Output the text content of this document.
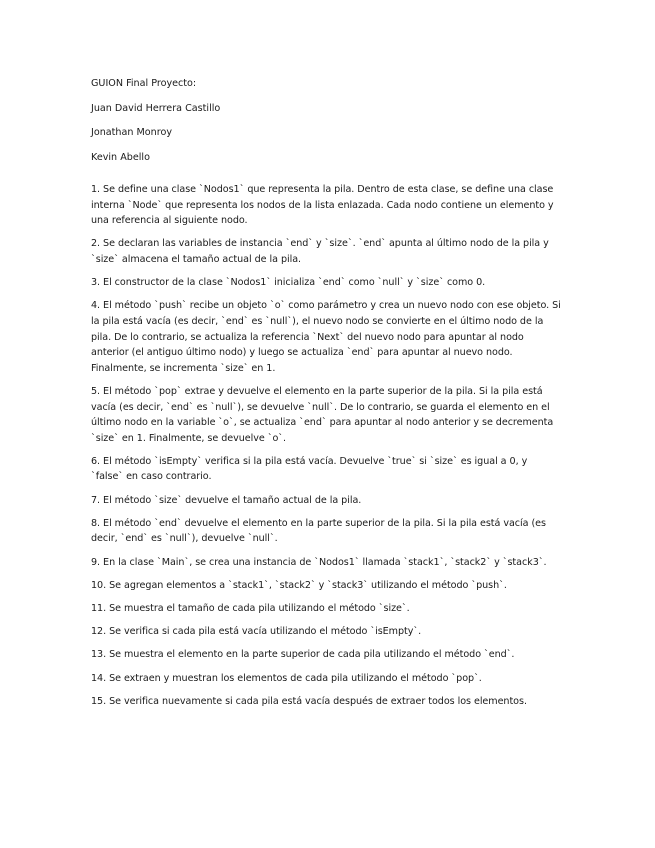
GUION Final Proyecto:

Juan David Herrera Castillo

Jonathan Monroy

Kevin Abello

1. Se define una clase `Nodos1` que representa la pila. Dentro de esta clase, se define una clase interna `Node` que representa los nodos de la lista enlazada. Cada nodo contiene un elemento y una referencia al siguiente nodo.

2. Se declaran las variables de instancia `end` y `size`. `end` apunta al último nodo de la pila y `size` almacena el tamaño actual de la pila.

3. El constructor de la clase `Nodos1` inicializa `end` como `null` y `size` como 0.

4. El método `push` recibe un objeto `o` como parámetro y crea un nuevo nodo con ese objeto. Si la pila está vacía (es decir, `end` es `null`), el nuevo nodo se convierte en el último nodo de la pila. De lo contrario, se actualiza la referencia `Next` del nuevo nodo para apuntar al nodo anterior (el antiguo último nodo) y luego se actualiza `end` para apuntar al nuevo nodo. Finalmente, se incrementa `size` en 1.

5. El método `pop` extrae y devuelve el elemento en la parte superior de la pila. Si la pila está vacía (es decir, `end` es `null`), se devuelve `null`. De lo contrario, se guarda el elemento en el último nodo en la variable `o`, se actualiza `end` para apuntar al nodo anterior y se decrementa `size` en 1. Finalmente, se devuelve `o`.

6. El método `isEmpty` verifica si la pila está vacía. Devuelve `true` si `size` es igual a 0, y `false` en caso contrario.

7. El método `size` devuelve el tamaño actual de la pila.

8. El método `end` devuelve el elemento en la parte superior de la pila. Si la pila está vacía (es decir, `end` es `null`), devuelve `null`.

9. En la clase `Main`, se crea una instancia de `Nodos1` llamada `stack1`, `stack2` y `stack3`.

10. Se agregan elementos a `stack1`, `stack2` y `stack3` utilizando el método `push`.

11. Se muestra el tamaño de cada pila utilizando el método `size`.

12. Se verifica si cada pila está vacía utilizando el método `isEmpty`.

13. Se muestra el elemento en la parte superior de cada pila utilizando el método `end`.

14. Se extraen y muestran los elementos de cada pila utilizando el método `pop`.

15. Se verifica nuevamente si cada pila está vacía después de extraer todos los elementos.
